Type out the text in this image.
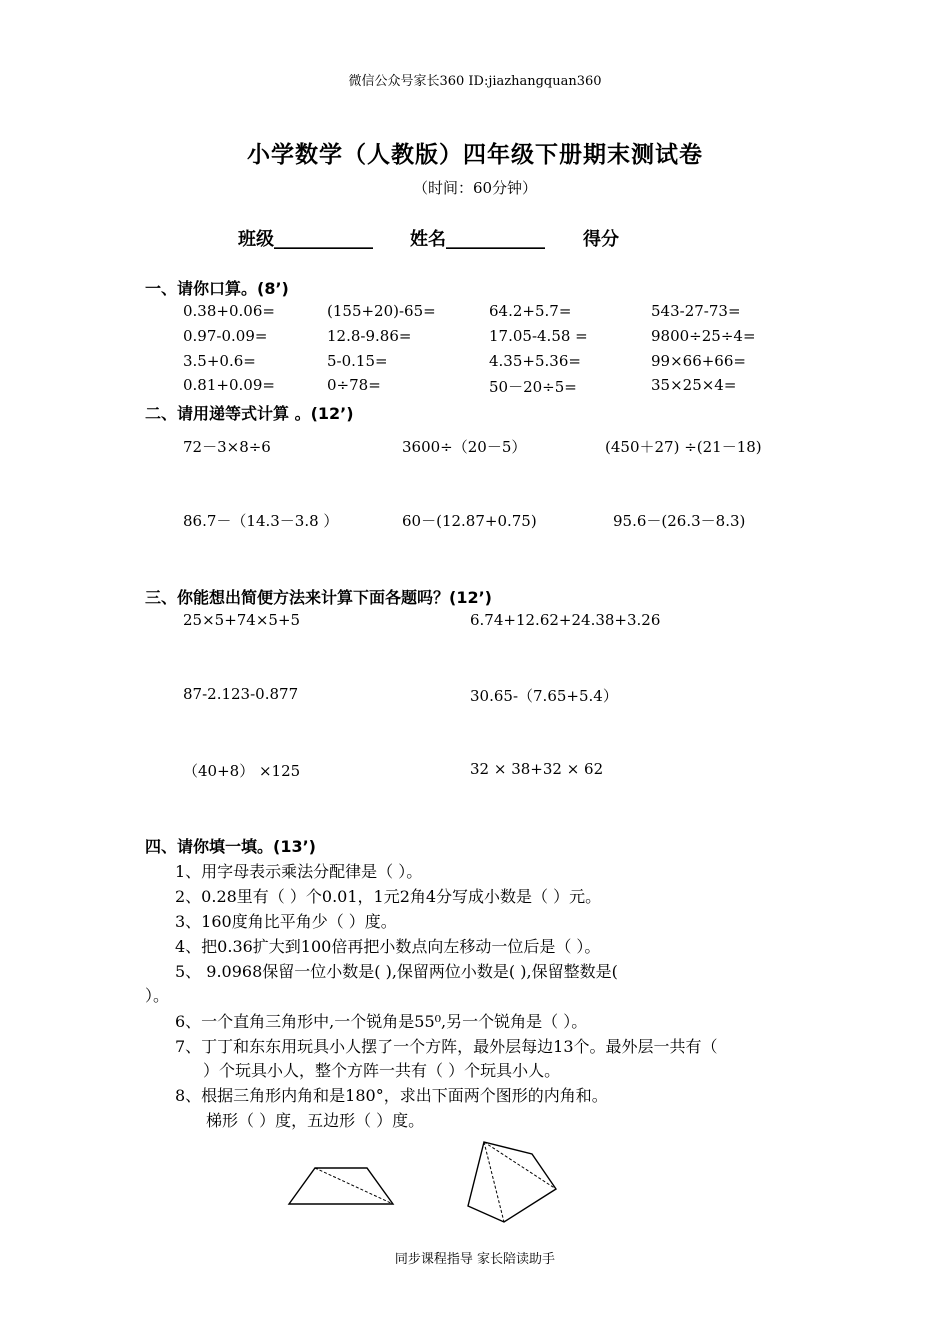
微信公众号家长360 ID:jiazhangquan360
小学数学（人教版）四年级下册期末测试卷
（时间：60分钟）
班级___________ 姓名___________ 得分
一、请你口算。(8’)
0.38+0.06=	(155+20)-65=	64.2+5.7=	543-27-73=
0.97-0.09=	12.8-9.86=	17.05-4.58 =	9800÷25÷4=
3.5+0.6=	5-0.15=	4.35+5.36=	99×66+66=
0.81+0.09=	0÷78=	50－20÷5=	35×25×4=
二、请用递等式计算 。(12’)
72－3×8÷6	3600÷（20－5）	(450＋27) ÷(21－18)
86.7－（14.3－3.8 ）	60－(12.87+0.75)	95.6－(26.3－8.3)
三、你能想出简便方法来计算下面各题吗？(12’)
25×5+74×5+5	6.74+12.62+24.38+3.26
87-2.123-0.877	30.65-（7.65+5.4）
（40+8） ×125	32 × 38+32 × 62
四、请你填一填。(13’)
1、用字母表示乘法分配律是（ ）。
2、0.28里有（ ）个0.01，1元2角4分写成小数是（ ）元。
3、160度角比平角少（ ）度。
4、把0.36扩大到100倍再把小数点向左移动一位后是（ ）。
5、 9.0968保留一位小数是( ),保留两位小数是( ),保留整数是(
）。
6、一个直角三角形中,一个锐角是55⁰,另一个锐角是（ ）。
7、丁丁和东东用玩具小人摆了一个方阵，最外层每边13个。最外层一共有（
）个玩具小人，整个方阵一共有（ ）个玩具小人。
8、根据三角形内角和是180°，求出下面两个图形的内角和。
梯形（ ）度，五边形（ ）度。
同步课程指导 家长陪读助手
